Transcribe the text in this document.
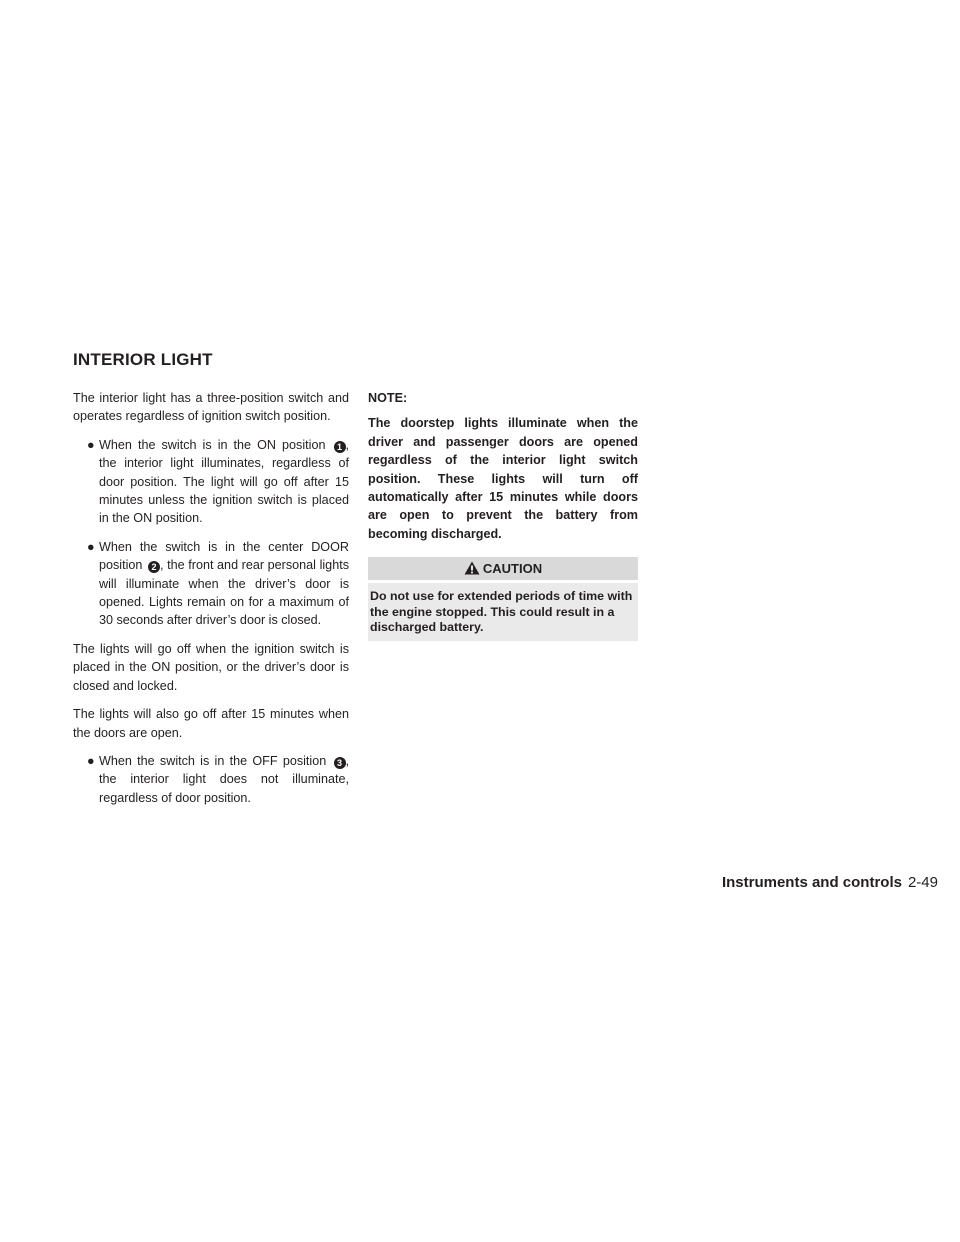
INTERIOR LIGHT

The interior light has a three-position switch and operates regardless of ignition switch position.

● When the switch is in the ON position 1 , the interior light illuminates, regardless of door position. The light will go off after 15 minutes unless the ignition switch is placed in the ON position.
● When the switch is in the center DOOR position 2 , the front and rear personal lights will illuminate when the driver’s door is opened. Lights remain on for a maximum of 30 seconds after driver’s door is closed.

The lights will go off when the ignition switch is placed in the ON position, or the driver’s door is closed and locked.

The lights will also go off after 15 minutes when the doors are open.

● When the switch is in the OFF position 3 , the interior light does not illuminate, regardless of door position.
NOTE:
The doorstep lights illuminate when the driver and passenger doors are opened regardless of the interior light switch position. These lights will turn off automatically after 15 minutes while doors are open to prevent the battery from becoming discharged.
CAUTION
Do not use for extended periods of time with the engine stopped. This could result in a discharged battery.
Instruments and controls 2-49
